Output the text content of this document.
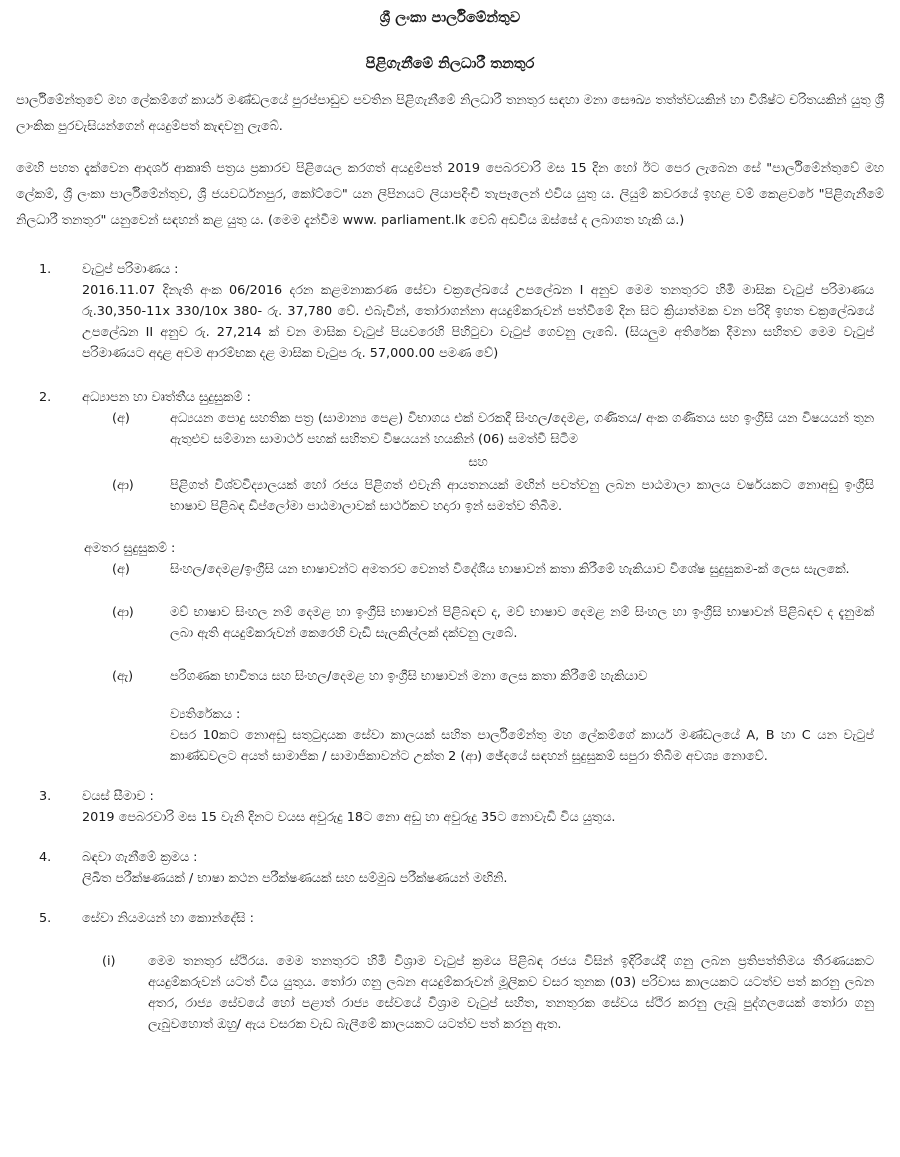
ශ්‍රී ලංකා පාර්ලිමේන්තුව
පිළිගැනීමේ නිලධාරී තනතුර

පාර්ලිමේන්තුවේ මහ ලේකම්ගේ කාර්ය මණ්ඩලයේ පුරප්පාඩුව පවතින පිළිගැනීමේ නිලධාරී තනතුර සඳහා මනා සෞඛ්‍ය තත්ත්වයකින් හා විශිෂ්ට චරිතයකින් යුතු ශ්‍රී ලාංකික පුරවැසියන්ගෙන් අයදුම්පත් කැඳවනු ලැබේ.

මෙහි පහත දැක්වෙන ආදර්ශ ආකෘති පත්‍රය ප්‍රකාරව පිළියෙල කරගත් අයදුම්පත් 2019 පෙබරවාරි මස 15 දින හෝ ඊට පෙර ලැබෙන සේ "පාර්ලිමේන්තුවේ මහ ලේකම්, ශ්‍රී ලංකා පාර්ලිමේන්තුව, ශ්‍රී ජයවර්ධනපුර, කෝට්ටෙ" යන ලිපිනයට ලියාපදිංචි තැපෑලෙන් එවිය යුතු ය. ලියුම් කවරයේ ඉහළ වම් කෙළවරේ "පිළිගැනීමේ නිලධාරී තනතුර" යනුවෙන් සඳහන් කළ යුතු ය. (මෙම දැන්වීම www. parliament.lk වෙබ් අඩවිය ඔස්සේ ද ලබාගත හැකි ය.)

1. වැටුප් පරිමාණය :

2016.11.07 දිනැති අංක 06/2016 දරන කළමනාකරණ සේවා චක්‍රලේඛයේ උපලේඛන I අනුව මෙම තනතුරට හිමි මාසික වැටුප් පරිමාණය රු.30,350-11x 330/10x 380- රු. 37,780 වේ. එබැවින්, තෝරාගන්නා අයදුම්කරුවන් පත්වීමේ දින සිට ක්‍රියාත්මක වන පරිදි ඉහත චක්‍රලේඛයේ උපලේඛන II අනුව රු. 27,214 ක් වන මාසික වැටුප් පියවරෙහි පිහිටුවා වැටුප් ගෙවනු ලැබේ. (සියලුම අතිරේක දීමනා සහිතව මෙම වැටුප් පරිමාණයට අදාළ අවම ආරම්භක දළ මාසික වැටුප රු. 57,000.00 පමණ වේ)

2. අධ්‍යාපන හා වෘත්තීය සුදුසුකම් :
(අ)	අධ්‍යයන පොදු සහතික පත්‍ර (සාමාන්‍ය පෙළ) විභාගය එක් වරකදී සිංහල/දෙමළ, ගණිතය/ අංක ගණිතය සහ ඉංග්‍රීසි යන විෂයයන් තුන ඇතුළුව සම්මාන සාමාර්ථ පහක් සහිතව විෂයයන් හයකින් (06) සමත්වී සිටීම
සහ
(ආ)	පිළිගත් විශ්වවිද්‍යාලයක් හෝ රජය පිළිගත් එවැනි ආයතනයක් මඟින් පවත්වනු ලබන පාඨමාලා කාලය වර්ෂයකට නොඅඩු ඉංග්‍රීසි භාෂාව පිළිබඳ ඩිප්ලෝමා පාඨමාලාවක් සාර්ථකව හදාරා ඉන් සමත්ව තිබීම.
අමතර සුදුසුකම් :
(අ)	සිංහල/දෙමළ/ඉංග්‍රීසි යන භාෂාවන්ට අමතරව වෙනත් විදේශීය භාෂාවන් කතා කිරීමේ හැකියාව විශේෂ සුදුසුකම-ක් ලෙස සැලකේ.
(ආ)	මව් භාෂාව සිංහල නම් දෙමළ හා ඉංග්‍රීසි භාෂාවන් පිළිබඳව ද, මව් භාෂාව දෙමළ නම් සිංහල හා ඉංග්‍රීසි භාෂාවන් පිළිබඳව ද දැනුමක් ලබා ඇති අයදුම්කරුවන් කෙරෙහි වැඩි සැලකිල්ලක් දක්වනු ලැබේ.
(ඇ)	පරිගණක භාවිතය සහ සිංහල/දෙමළ හා ඉංග්‍රීසි භාෂාවන් මනා ලෙස කතා කිරීමේ හැකියාව
ව්‍යතිරේකය :

වසර 10කට නොඅඩු සතුටුදායක සේවා කාලයක් සහිත පාර්ලිමේන්තු මහ ලේකම්ගේ කාර්ය මණ්ඩලයේ A, B හා C යන වැටුප් කාණ්ඩවලට අයත් සාමාජික / සාමාජිකාවන්ට උක්ත 2 (ආ) ඡේදයේ සඳහන් සුදුසුකම් සපුරා තිබීම අවශ්‍ය නොවේ.

3. වයස් සීමාව :

2019 පෙබරවාරි මස 15 වැනි දිනට වයස අවුරුදු 18ට නො අඩු හා අවුරුදු 35ට නොවැඩි විය යුතුය.

4. බඳවා ගැනීමේ ක්‍රමය :

ලිඛිත පරීක්ෂණයක් / භාෂා කථන පරීක්ෂණයක් සහ සම්මුඛ පරීක්ෂණයන් මඟිනි.

5. සේවා නියමයන් හා කොන්දේසි :
(i)	මෙම තනතුර ස්ථිරය. මෙම තනතුරට හිමි විශ්‍රාම වැටුප් ක්‍රමය පිළිබඳ රජය විසින් ඉදිරියේදී ගනු ලබන ප්‍රතිපත්තිමය තීරණයකට අයදුම්කරුවන් යටත් විය යුතුය. තෝරා ගනු ලබන අයදුම්කරුවන් මූලිකව වසර තුනක (03) පරිවාස කාලයකට යටත්ව පත් කරනු ලබන අතර, රාජ්‍ය සේවයේ හෝ පළාත් රාජ්‍ය සේවයේ විශ්‍රාම වැටුප් සහිත, තනතුරක සේවය ස්ථිර කරනු ලැබූ පුද්ගලයෙක් තෝරා ගනු ලැබුවහොත් ඔහු/ ඇය වසරක වැඩ බැලීමේ කාලයකට යටත්ව පත් කරනු ඇත.
